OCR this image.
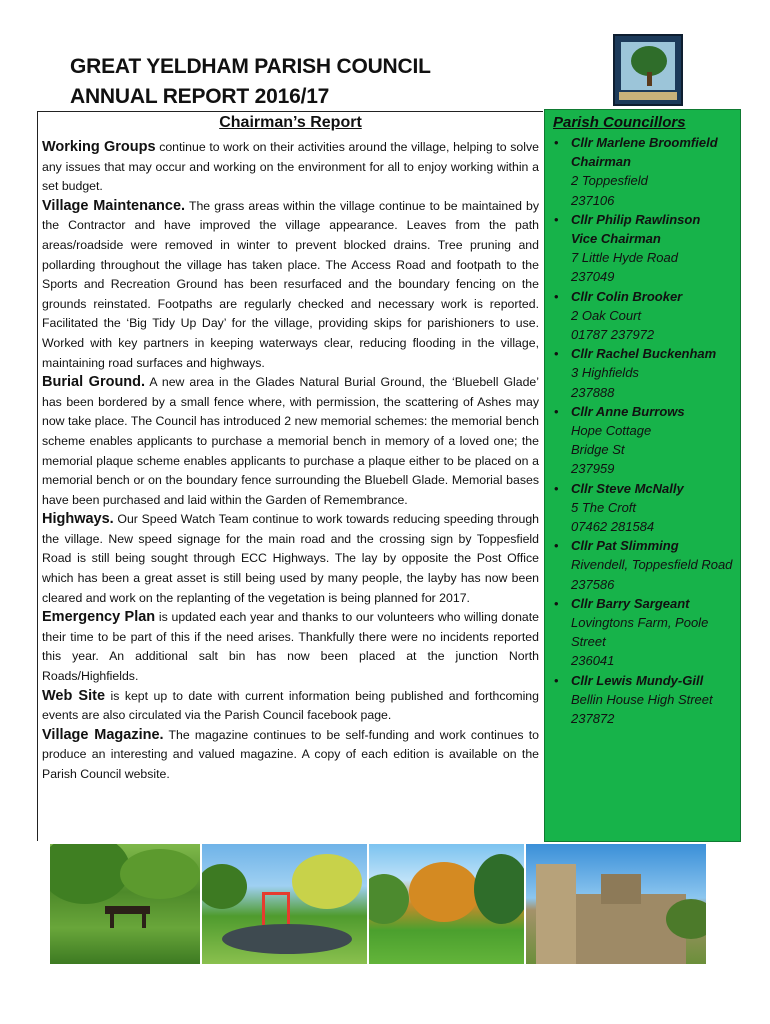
GREAT YELDHAM PARISH COUNCIL
ANNUAL REPORT 2016/17
Chairman’s Report

Working Groups continue to work on their activities around the village, helping to solve any issues that may occur and working on the environment for all to enjoy working within a set budget.

Village Maintenance. The grass areas within the village continue to be maintained by the Contractor and have improved the village appearance. Leaves from the path areas/roadside were removed in winter to prevent blocked drains. Tree pruning and pollarding throughout the village has taken place. The Access Road and footpath to the Sports and Recreation Ground has been resurfaced and the boundary fencing on the grounds reinstated. Footpaths are regularly checked and necessary work is reported. Facilitated the ‘Big Tidy Up Day’ for the village, providing skips for parishioners to use. Worked with key partners in keeping waterways clear, reducing flooding in the village, maintaining road surfaces and highways.

Burial Ground. A new area in the Glades Natural Burial Ground, the ‘Bluebell Glade’ has been bordered by a small fence where, with permission, the scattering of Ashes may now take place. The Council has introduced 2 new memorial schemes: the memorial bench scheme enables applicants to purchase a memorial bench in memory of a loved one; the memorial plaque scheme enables applicants to purchase a plaque either to be placed on a memorial bench or on the boundary fence surrounding the Bluebell Glade. Memorial bases have been purchased and laid within the Garden of Remembrance.

Highways. Our Speed Watch Team continue to work towards reducing speeding through the village. New speed signage for the main road and the crossing sign by Toppesfield Road is still being sought through ECC Highways. The lay by opposite the Post Office which has been a great asset is still being used by many people, the layby has now been cleared and work on the replanting of the vegetation is being planned for 2017.

Emergency Plan is updated each year and thanks to our volunteers who willing donate their time to be part of this if the need arises. Thankfully there were no incidents reported this year. An additional salt bin has now been placed at the junction North Roads/Highfields.

Web Site is kept up to date with current information being published and forthcoming events are also circulated via the Parish Council facebook page.

Village Magazine. The magazine continues to be self-funding and work continues to produce an interesting and valued magazine. A copy of each edition is available on the Parish Council website.

Parish Councillors
• Cllr Marlene Broomfield
Chairman
2 Toppesfield
237106
• Cllr Philip Rawlinson
Vice Chairman
7 Little Hyde Road
237049
• Cllr Colin Brooker
2 Oak Court
01787 237972
• Cllr Rachel Buckenham
3 Highfields
237888
• Cllr Anne Burrows
Hope Cottage
Bridge St
237959
• Cllr Steve McNally
5 The Croft
07462 281584
• Cllr Pat Slimming
Rivendell, Toppesfield Road
237586
• Cllr Barry Sargeant
Lovingtons Farm, Poole Street
236041
• Cllr Lewis Mundy-Gill
Bellin House High Street
237872
